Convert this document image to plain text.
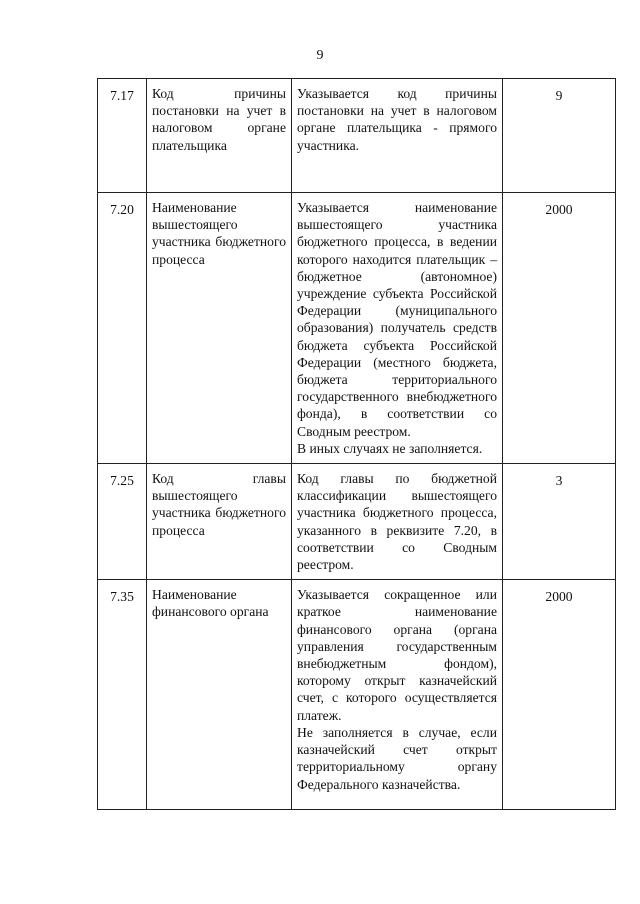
9
7.17	Код причины постановки на учет в налоговом органе плательщика	Указывается код причины постановки на учет в налоговом органе плательщика - прямого участника.	9
7.20	Наименование вышестоящего участника бюджетного процесса	Указывается наименование вышестоящего участника бюджетного процесса, в ведении которого находится плательщик – бюджетное (автономное) учреждение субъекта Российской Федерации (муниципального образования) получатель средств бюджета субъекта Российской Федерации (местного бюджета, бюджета территориального государственного внебюджетного фонда), в соответствии со Сводным реестром.
В иных случаях не заполняется.	2000
7.25	Код главы вышестоящего участника бюджетного процесса	Код главы по бюджетной классификации вышестоящего участника бюджетного процесса, указанного в реквизите 7.20, в соответствии со Сводным реестром.	3
7.35	Наименование финансового органа	Указывается сокращенное или краткое наименование финансового органа (органа управления государственным внебюджетным фондом), которому открыт казначейский счет, с которого осуществляется платеж.
Не заполняется в случае, если казначейский счет открыт территориальному органу Федерального казначейства.	2000
